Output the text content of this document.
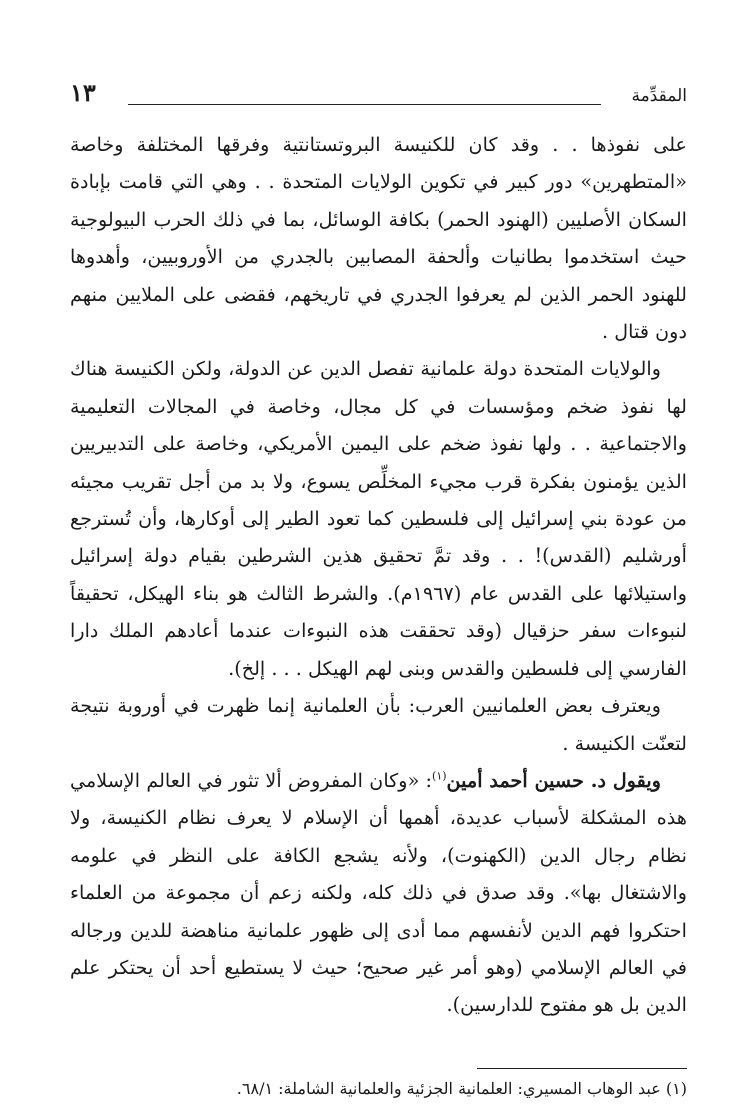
المقدِّمة
١٣

على نفوذها . . وقد كان للكنيسة البروتستانتية وفرقها المختلفة وخاصة «المتطهرين» دور كبير في تكوين الولايات المتحدة . . وهي التي قامت بإبادة السكان الأصليين (الهنود الحمر) بكافة الوسائل، بما في ذلك الحرب البيولوجية حيث استخدموا بطانيات وألحفة المصابين بالجدري من الأوروبيين، وأهدوها للهنود الحمر الذين لم يعرفوا الجدري في تاريخهم، فقضى على الملايين منهم دون قتال .

والولايات المتحدة دولة علمانية تفصل الدين عن الدولة، ولكن الكنيسة هناك لها نفوذ ضخم ومؤسسات في كل مجال، وخاصة في المجالات التعليمية والاجتماعية . . ولها نفوذ ضخم على اليمين الأمريكي، وخاصة على التدبيريين الذين يؤمنون بفكرة قرب مجيء المخلِّص يسوع، ولا بد من أجل تقريب مجيئه من عودة بني إسرائيل إلى فلسطين كما تعود الطير إلى أوكارها، وأن تُسترجع أورشليم (القدس)! . . وقد تمَّ تحقيق هذين الشرطين بقيام دولة إسرائيل واستيلائها على القدس عام (١٩٦٧م). والشرط الثالث هو بناء الهيكل، تحقيقاً لنبوءات سفر حزقيال (وقد تحققت هذه النبوءات عندما أعادهم الملك دارا الفارسي إلى فلسطين والقدس وبنى لهم الهيكل . . . إلخ).

ويعترف بعض العلمانيين العرب: بأن العلمانية إنما ظهرت في أوروبة نتيجة لتعنّت الكنيسة .

ويقول د. حسين أحمد أمين$^{(١)}$: «وكان المفروض ألا تثور في العالم الإسلامي هذه المشكلة لأسباب عديدة، أهمها أن الإسلام لا يعرف نظام الكنيسة، ولا نظام رجال الدين (الكهنوت)، ولأنه يشجع الكافة على النظر في علومه والاشتغال بها». وقد صدق في ذلك كله، ولكنه زعم أن مجموعة من العلماء احتكروا فهم الدين لأنفسهم مما أدى إلى ظهور علمانية مناهضة للدين ورجاله في العالم الإسلامي (وهو أمر غير صحيح؛ حيث لا يستطيع أحد أن يحتكر علم الدين بل هو مفتوح للدارسين).

(١) عبد الوهاب المسيري: العلمانية الجزئية والعلمانية الشاملة: ٦٨/١.
